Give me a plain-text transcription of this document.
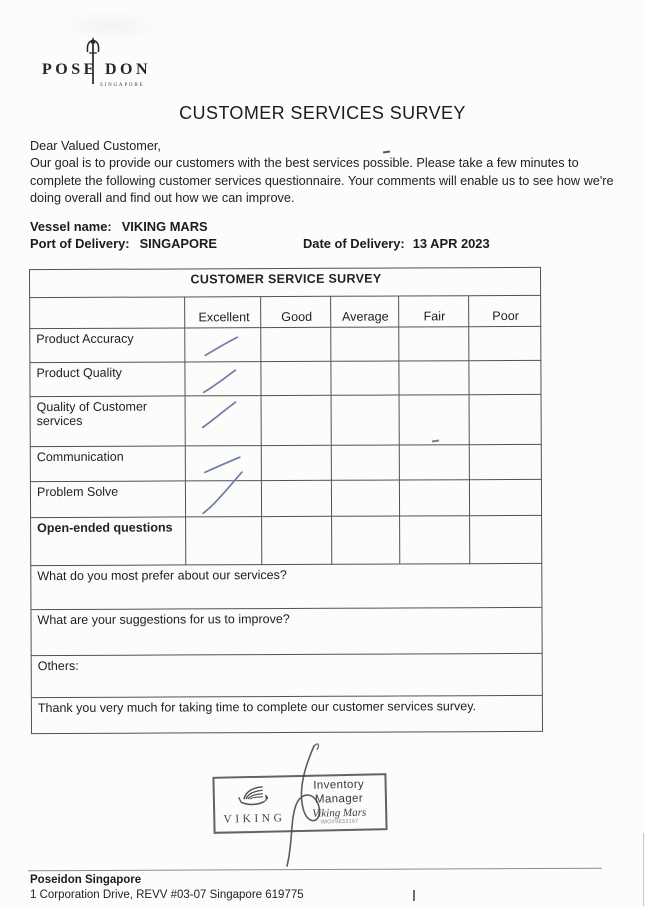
POSE DON
SINGAPORE
CUSTOMER SERVICES SURVEY
Dear Valued Customer,
Our goal is to provide our customers with the best services possible. Please take a few minutes to complete the following customer services questionnaire. Your comments will enable us to see how we're doing overall and find out how we can improve.
Vessel name: VIKING MARS
Port of Delivery: SINGAPORE	Date of Delivery: 13 APR 2023
CUSTOMER SERVICE SURVEY					
	Excellent	Good	Average	Fair	Poor
Product Accuracy	

Product Quality	

Quality of Customer services	

Communication	

Problem Solve	

Open-ended questions					
What do you most prefer about our services?					
What are your suggestions for us to improve?					
Others:					
Thank you very much for taking time to complete our customer services survey.					
VIKING
Inventory
Manager
Viking Mars
IMO#9833167
Poseidon Singapore
1 Corporation Drive, REVV #03-07 Singapore 619775
